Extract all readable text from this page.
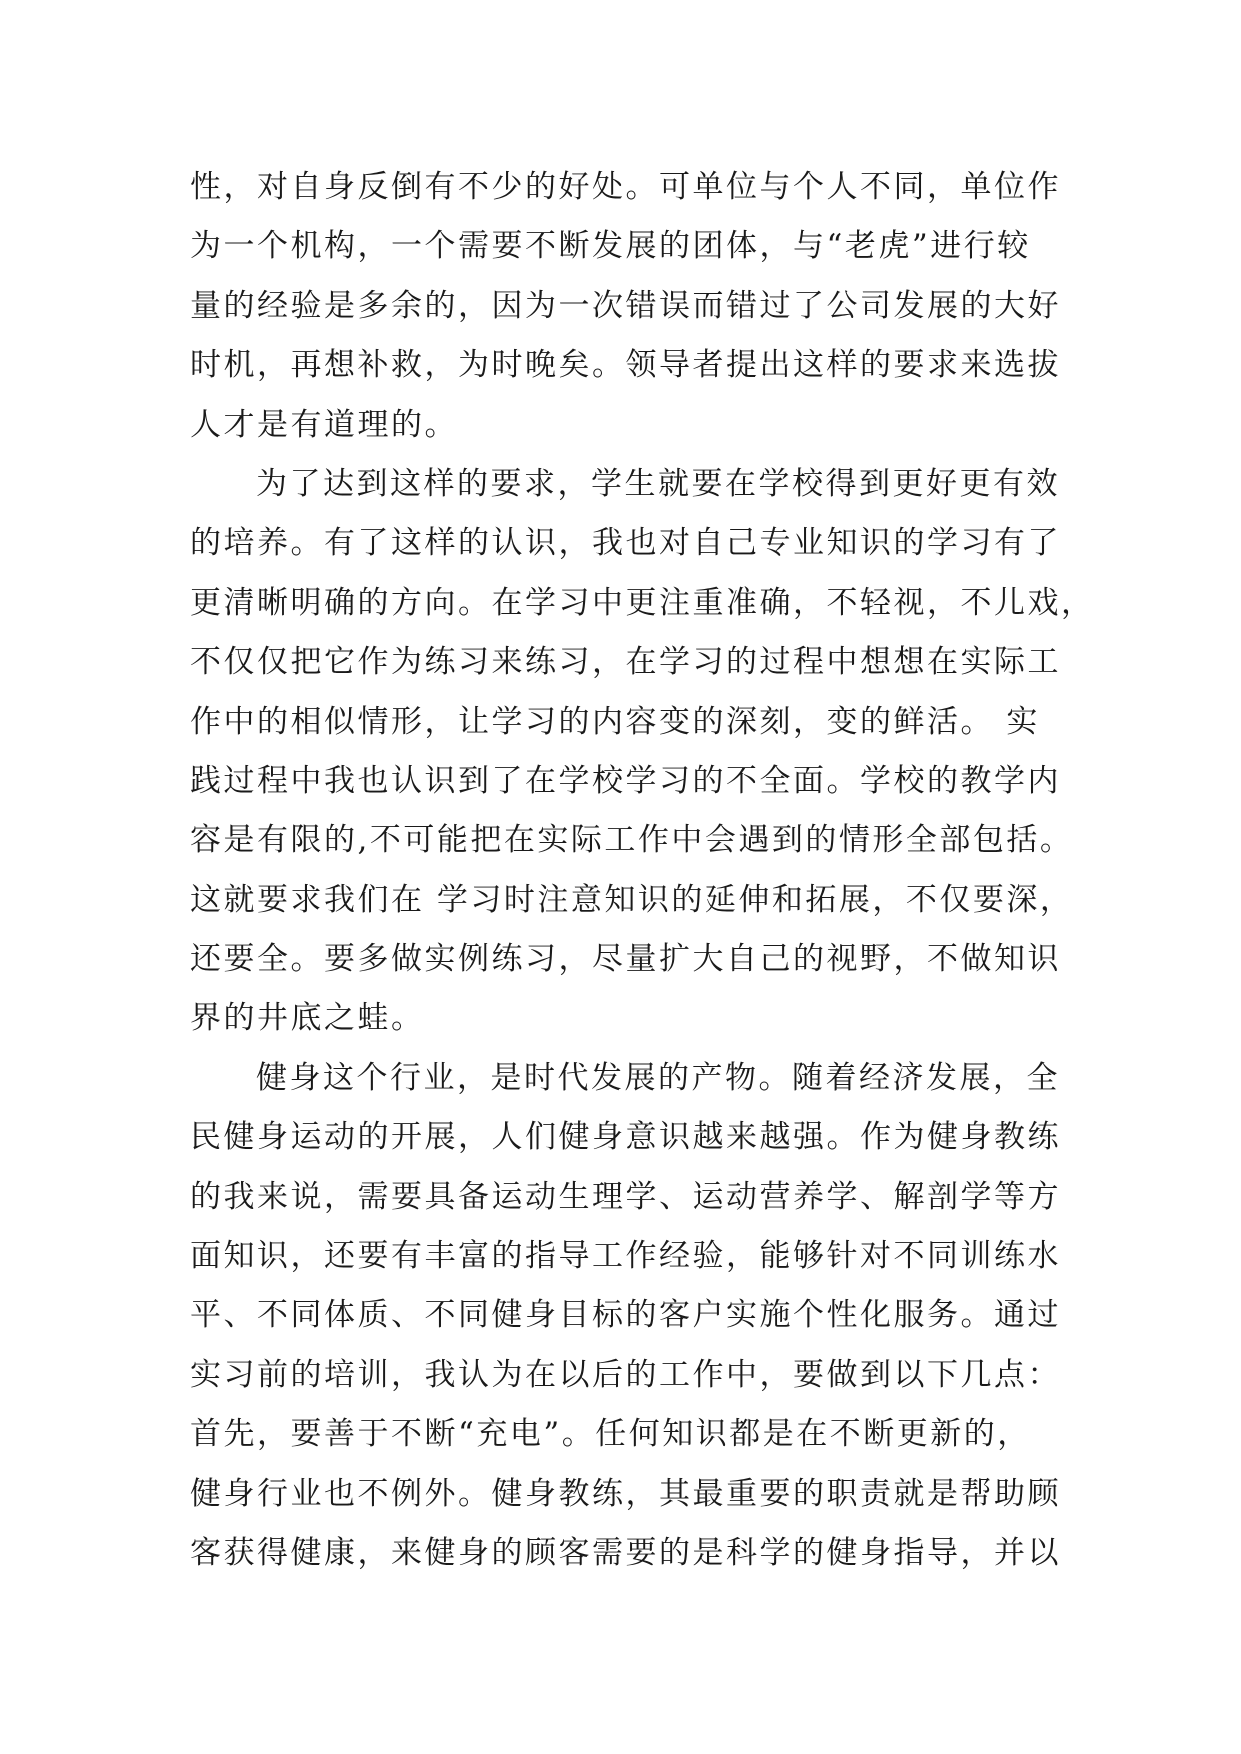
性，对自身反倒有不少的好处。可单位与个人不同，单位作
为一个机构，一个需要不断发展的团体，与“老虎”进行较
量的经验是多余的，因为一次错误而错过了公司发展的大好
时机，再想补救，为时晚矣。领导者提出这样的要求来选拔
人才是有道理的。
为了达到这样的要求，学生就要在学校得到更好更有效
的培养。有了这样的认识，我也对自己专业知识的学习有了
更清晰明确的方向。在学习中更注重准确，不轻视，不儿戏，
不仅仅把它作为练习来练习，在学习的过程中想想在实际工
作中的相似情形，让学习的内容变的深刻，变的鲜活。 实
践过程中我也认识到了在学校学习的不全面。学校的教学内
容是有限的,不可能把在实际工作中会遇到的情形全部包括。
这就要求我们在 学习时注意知识的延伸和拓展，不仅要深，
还要全。要多做实例练习，尽量扩大自己的视野，不做知识
界的井底之蛙。
健身这个行业，是时代发展的产物。随着经济发展，全
民健身运动的开展，人们健身意识越来越强。作为健身教练
的我来说，需要具备运动生理学、运动营养学、解剖学等方
面知识，还要有丰富的指导工作经验，能够针对不同训练水
平、不同体质、不同健身目标的客户实施个性化服务。通过
实习前的培训，我认为在以后的工作中，要做到以下几点：
首先，要善于不断“充电”。任何知识都是在不断更新的，
健身行业也不例外。健身教练，其最重要的职责就是帮助顾
客获得健康，来健身的顾客需要的是科学的健身指导，并以
